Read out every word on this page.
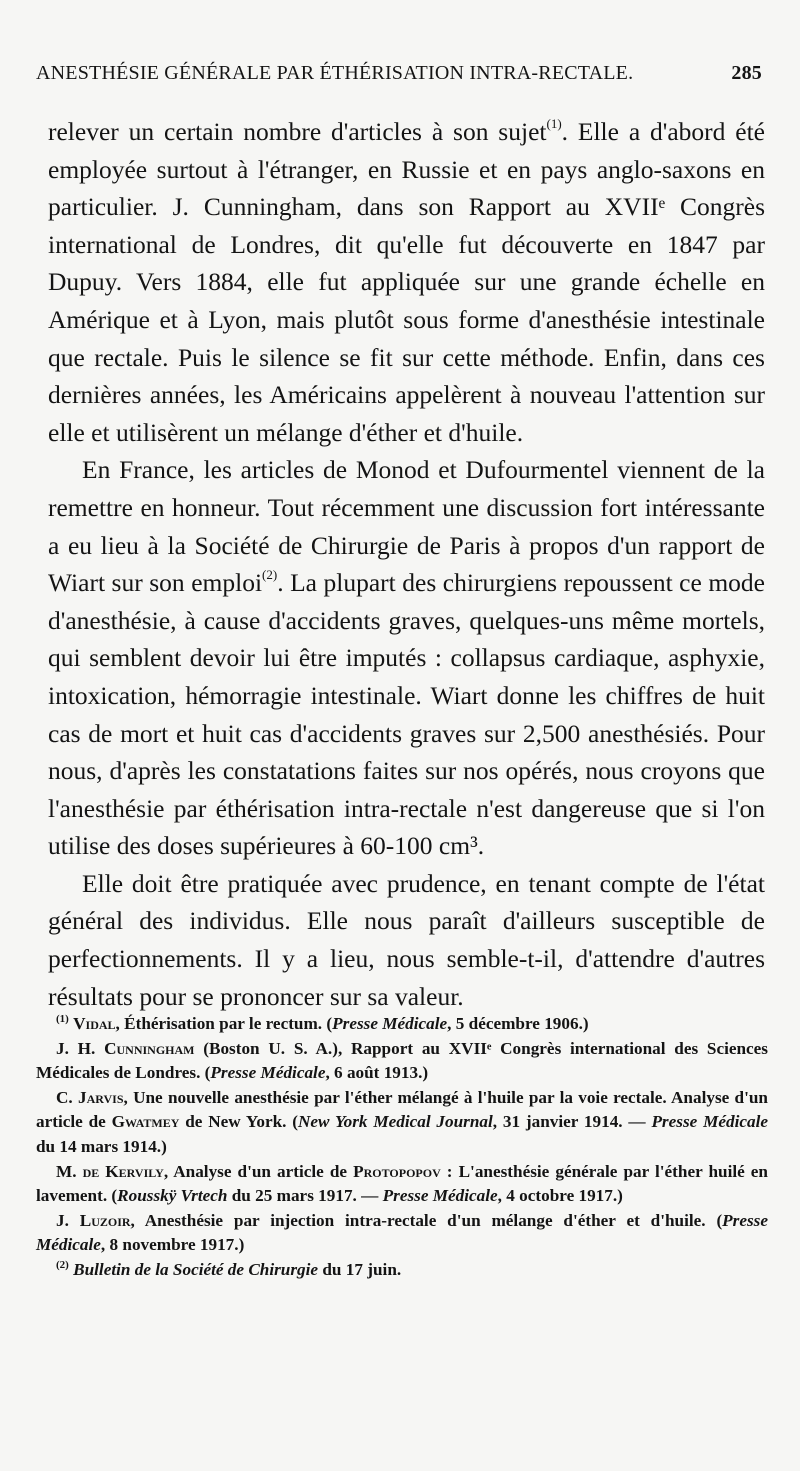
ANESTHÉSIE GÉNÉRALE PAR ÉTHÉRISATION INTRA-RECTALE.	285

relever un certain nombre d'articles à son sujet$^{(1)}$. Elle a d'abord été employée surtout à l'étranger, en Russie et en pays anglo-saxons en particulier. J. Cunningham, dans son Rapport au XVIIᵉ Congrès international de Londres, dit qu'elle fut découverte en 1847 par Dupuy. Vers 1884, elle fut appliquée sur une grande échelle en Amérique et à Lyon, mais plutôt sous forme d'anesthésie intestinale que rectale. Puis le silence se fit sur cette méthode. Enfin, dans ces dernières années, les Américains appelèrent à nouveau l'attention sur elle et utilisèrent un mélange d'éther et d'huile.

En France, les articles de Monod et Dufourmentel viennent de la remettre en honneur. Tout récemment une discussion fort intéressante a eu lieu à la Société de Chirurgie de Paris à propos d'un rapport de Wiart sur son emploi$^{(2)}$. La plupart des chirurgiens repoussent ce mode d'anesthésie, à cause d'accidents graves, quelques-uns même mortels, qui semblent devoir lui être imputés : collapsus cardiaque, asphyxie, intoxication, hémorragie intestinale. Wiart donne les chiffres de huit cas de mort et huit cas d'accidents graves sur 2,500 anesthésiés. Pour nous, d'après les constatations faites sur nos opérés, nous croyons que l'anesthésie par éthérisation intra-rectale n'est dangereuse que si l'on utilise des doses supérieures à 60-100 cm³.

Elle doit être pratiquée avec prudence, en tenant compte de l'état général des individus. Elle nous paraît d'ailleurs susceptible de perfectionnements. Il y a lieu, nous semble-t-il, d'attendre d'autres résultats pour se prononcer sur sa valeur.

$^{(1)}$ Vidal, Éthérisation par le rectum. (Presse Médicale, 5 décembre 1906.)

J. H. Cunningham (Boston U. S. A.), Rapport au XVIIᵉ Congrès international des Sciences Médicales de Londres. (Presse Médicale, 6 août 1913.)

C. Jarvis, Une nouvelle anesthésie par l'éther mélangé à l'huile par la voie rectale. Analyse d'un article de Gwatmey de New York. (New York Medical Journal, 31 janvier 1914. — Presse Médicale du 14 mars 1914.)

M. de Kervily, Analyse d'un article de Protopopov : L'anesthésie générale par l'éther huilé en lavement. (Rousskÿ Vrtech du 25 mars 1917. — Presse Médicale, 4 octobre 1917.)

J. Luzoir, Anesthésie par injection intra-rectale d'un mélange d'éther et d'huile. (Presse Médicale, 8 novembre 1917.)

$^{(2)}$ Bulletin de la Société de Chirurgie du 17 juin.
